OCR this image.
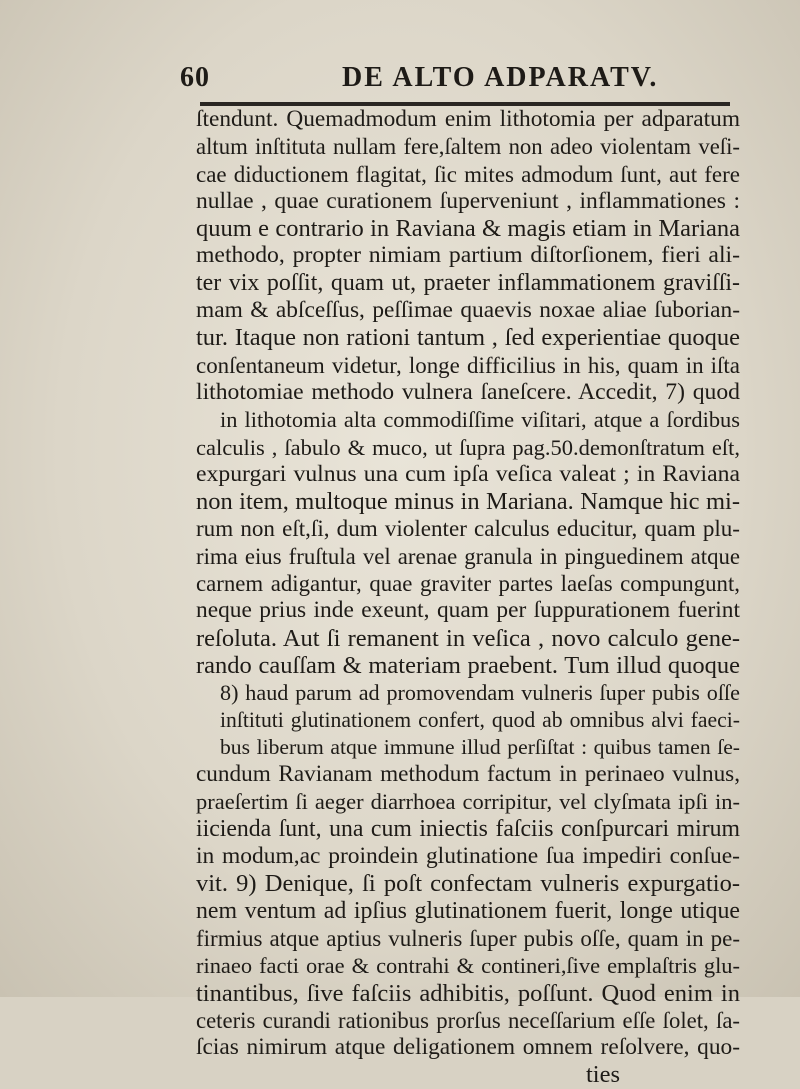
60	DE ALTO ADPARATV.
ſtendunt. Quemadmodum enim lithotomia per adparatum
altum inſtituta nullam fere,ſaltem non adeo violentam veſi-
cae diductionem flagitat, ſic mites admodum ſunt, aut fere
nullae , quae curationem ſuperveniunt , inflammationes :
quum e contrario in Raviana & magis etiam in Mariana
methodo, propter nimiam partium diſtorſionem, fieri ali-
ter vix poſſit, quam ut, praeter inflammationem graviſſi-
mam & abſceſſus, peſſimae quaevis noxae aliae ſuborian-
tur. Itaque non rationi tantum , ſed experientiae quoque
conſentaneum videtur, longe difficilius in his, quam in iſta
lithotomiae methodo vulnera ſaneſcere. Accedit, 7) quod
in lithotomia alta commodiſſime viſitari, atque a ſordibus
calculis , ſabulo & muco, ut ſupra pag.50.demonſtratum eſt,
expurgari vulnus una cum ipſa veſica valeat ; in Raviana
non item, multoque minus in Mariana. Namque hic mi-
rum non eſt,ſi, dum violenter calculus educitur, quam plu-
rima eius fruſtula vel arenae granula in pinguedinem atque
carnem adigantur, quae graviter partes laeſas compungunt,
neque prius inde exeunt, quam per ſuppurationem fuerint
reſoluta. Aut ſi remanent in veſica , novo calculo gene-
rando cauſſam & materiam praebent. Tum illud quoque
8) haud parum ad promovendam vulneris ſuper pubis oſſe
inſtituti glutinationem confert, quod ab omnibus alvi faeci-
bus liberum atque immune illud perſiſtat : quibus tamen ſe-
cundum Ravianam methodum factum in perinaeo vulnus,
praeſertim ſi aeger diarrhoea corripitur, vel clyſmata ipſi in-
iicienda ſunt, una cum iniectis faſciis conſpurcari mirum
in modum,ac proindein glutinatione ſua impediri conſue-
vit. 9) Denique, ſi poſt confectam vulneris expurgatio-
nem ventum ad ipſius glutinationem fuerit, longe utique
firmius atque aptius vulneris ſuper pubis oſſe, quam in pe-
rinaeo facti orae & contrahi & contineri,ſive emplaſtris glu-
tinantibus, ſive faſciis adhibitis, poſſunt. Quod enim in
ceteris curandi rationibus prorſus neceſſarium eſſe ſolet, ſa-
ſcias nimirum atque deligationem omnem reſolvere, quo-
ties
